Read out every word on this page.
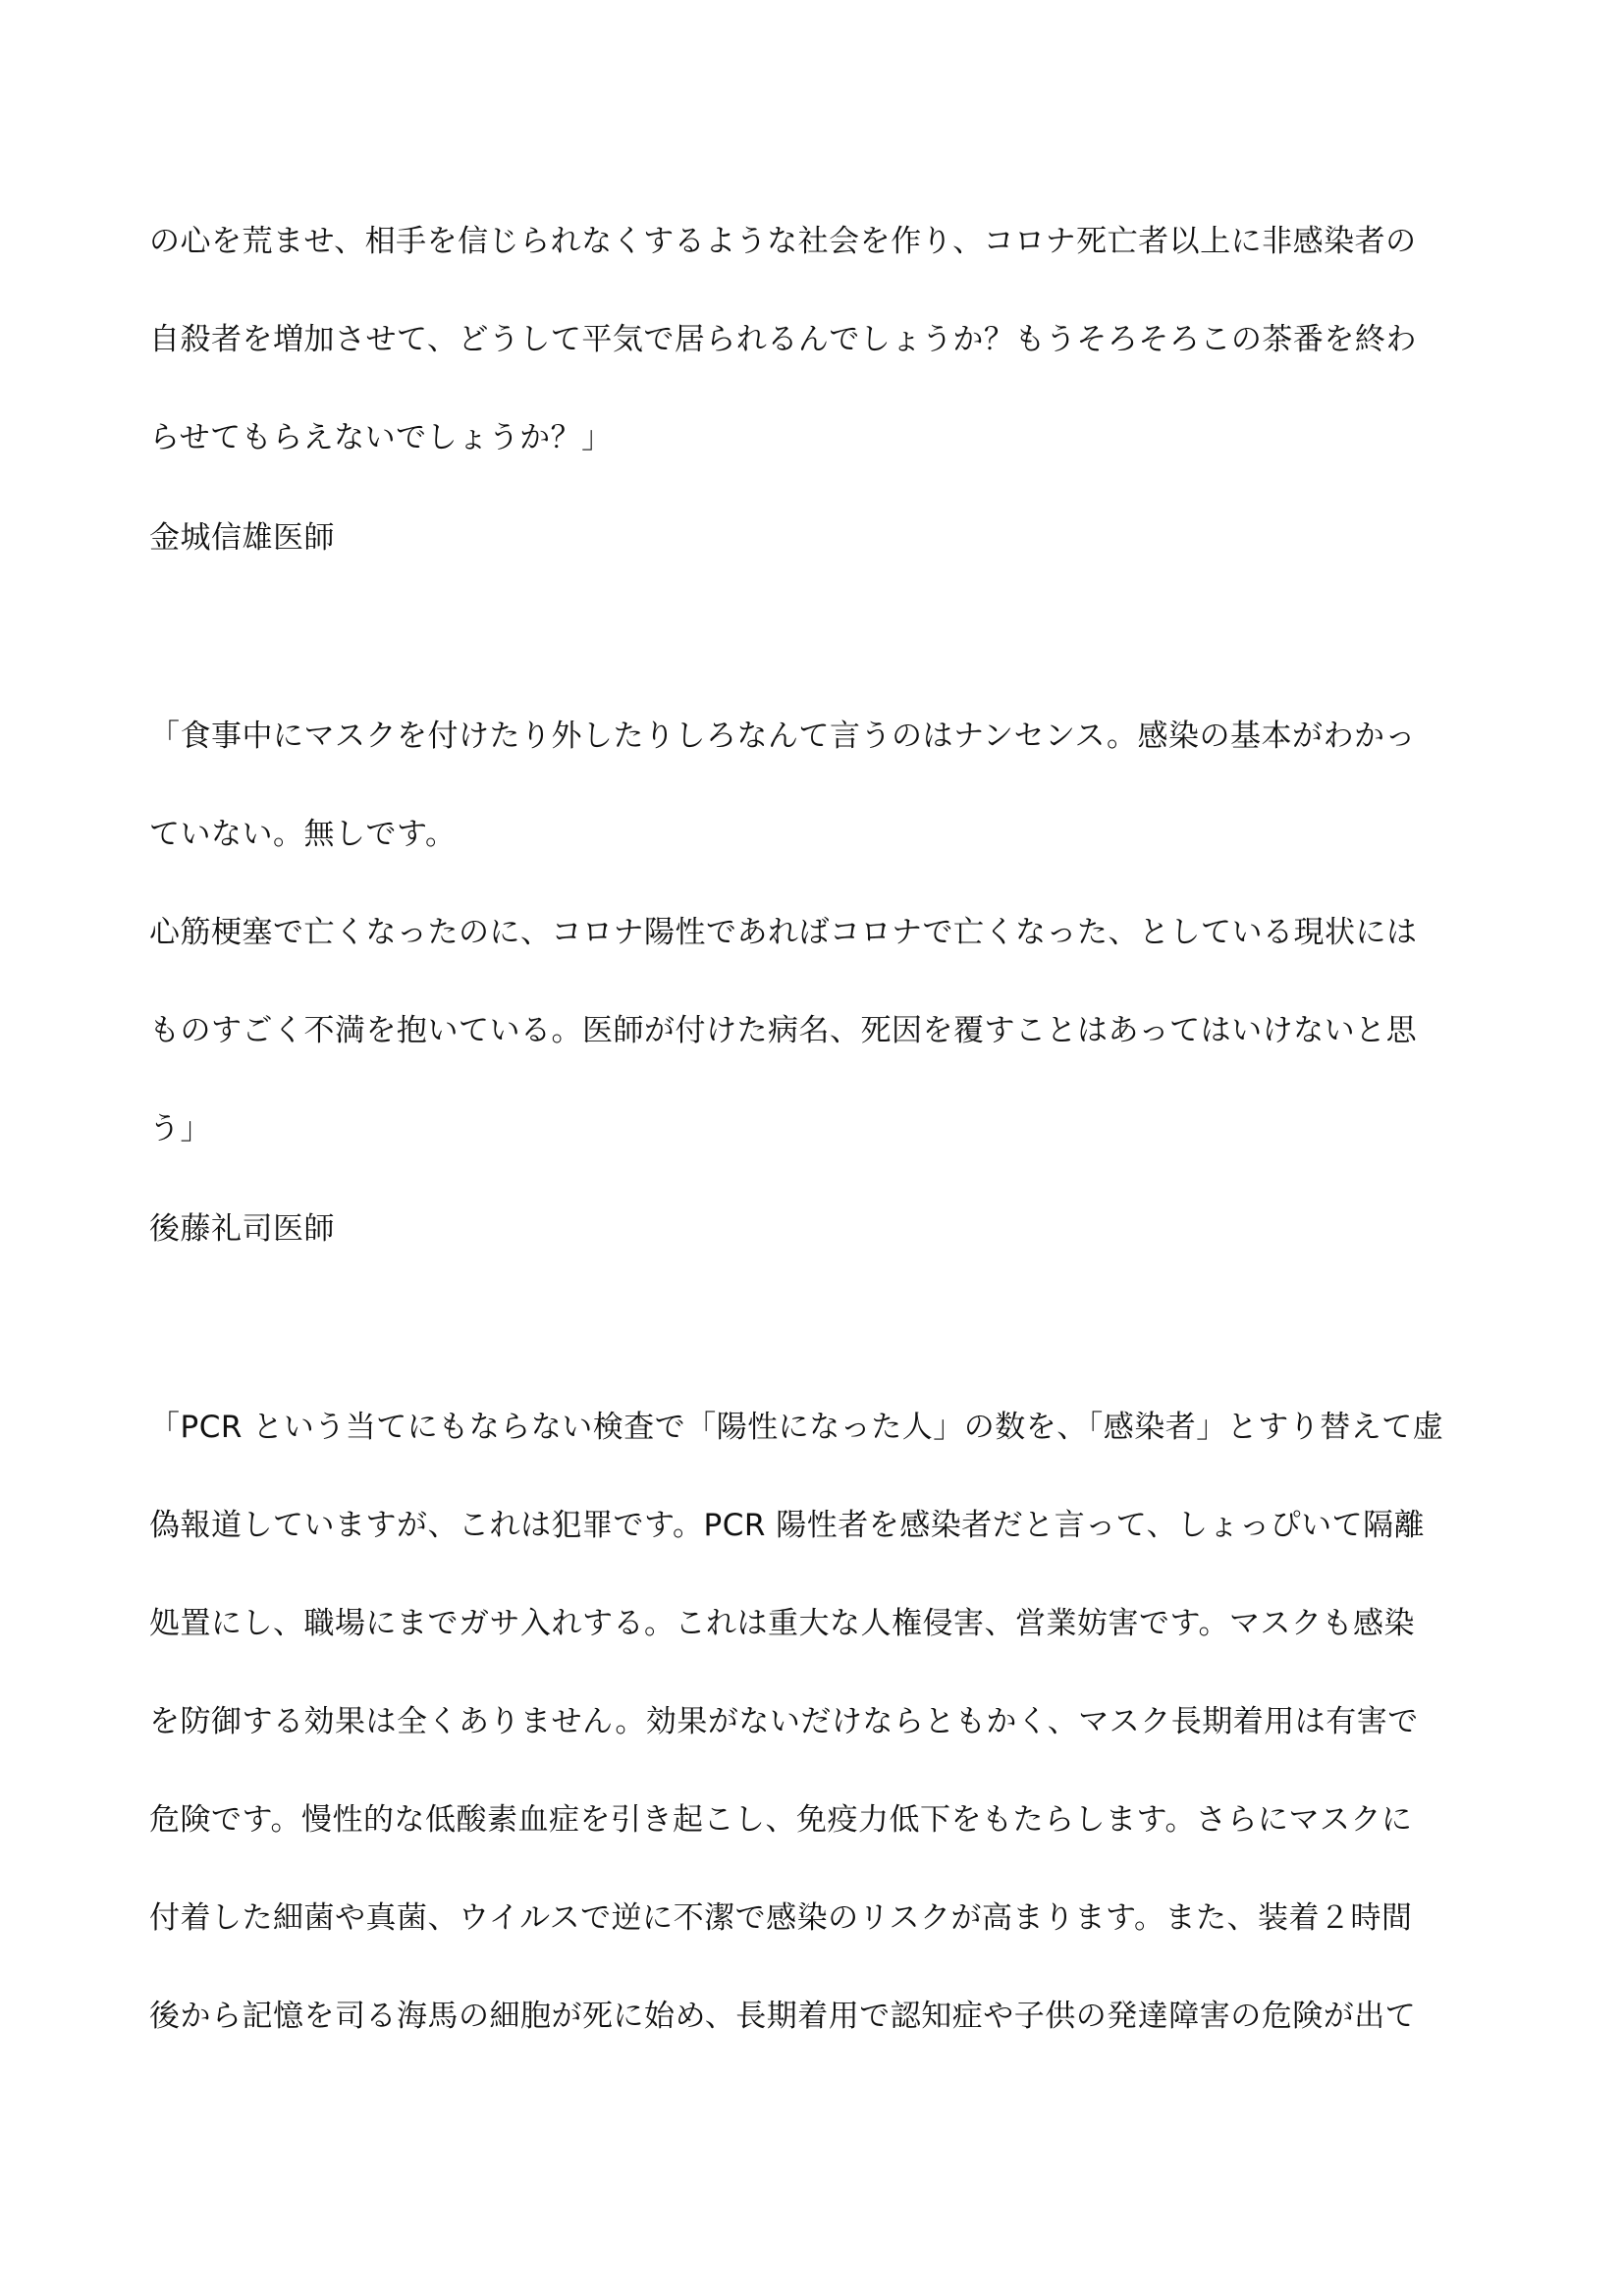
の心を荒ませ、相手を信じられなくするような社会を作り、コロナ死亡者以上に非感染者の
自殺者を増加させて、どうして平気で居られるんでしょうか？もうそろそろこの茶番を終わ
らせてもらえないでしょうか？」
金城信雄医師
「食事中にマスクを付けたり外したりしろなんて言うのはナンセンス。感染の基本がわかっ
ていない。無しです。
心筋梗塞で亡くなったのに、コロナ陽性であればコロナで亡くなった、としている現状には
ものすごく不満を抱いている。医師が付けた病名、死因を覆すことはあってはいけないと思
う」
後藤礼司医師
「PCR という当てにもならない検査で「陽性になった人」の数を、「感染者」とすり替えて虚
偽報道していますが、これは犯罪です。PCR 陽性者を感染者だと言って、しょっぴいて隔離
処置にし、職場にまでガサ入れする。これは重大な人権侵害、営業妨害です。マスクも感染
を防御する効果は全くありません。効果がないだけならともかく、マスク長期着用は有害で
危険です。慢性的な低酸素血症を引き起こし、免疫力低下をもたらします。さらにマスクに
付着した細菌や真菌、ウイルスで逆に不潔で感染のリスクが高まります。また、装着２時間
後から記憶を司る海馬の細胞が死に始め、長期着用で認知症や子供の発達障害の危険が出て
